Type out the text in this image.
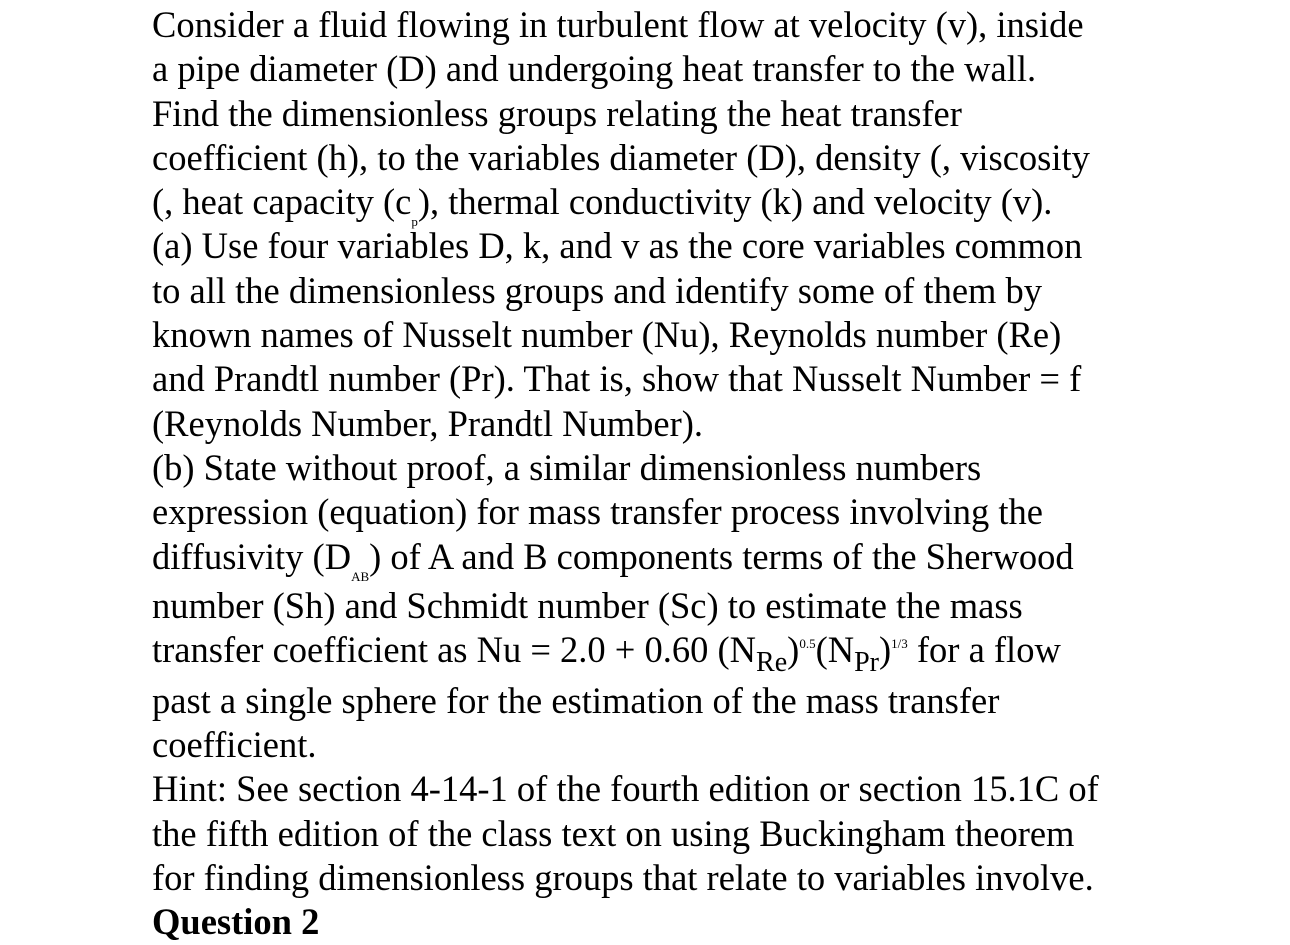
Consider a fluid flowing in turbulent flow at velocity (v), inside
a pipe diameter (D) and undergoing heat transfer to the wall.
Find the dimensionless groups relating the heat transfer
coefficient (h), to the variables diameter (D), density (, viscosity
(, heat capacity $(c_p)$, thermal conductivity (k) and velocity (v).
(a) Use four variables D, k, and v as the core variables common
to all the dimensionless groups and identify some of them by
known names of Nusselt number (Nu), Reynolds number (Re)
and Prandtl number (Pr). That is, show that Nusselt Number = f
(Reynolds Number, Prandtl Number).
(b) State without proof, a similar dimensionless numbers
expression (equation) for mass transfer process involving the
diffusivity $(D_{AB})$ of A and B components terms of the Sherwood
number (Sh) and Schmidt number (Sc) to estimate the mass
transfer coefficient as Nu = 2.0 + 0.60 $(N_{Re})^{0.5}(N_{Pr})^{1/3}$ for a flow
past a single sphere for the estimation of the mass transfer
coefficient.
Hint: See section 4-14-1 of the fourth edition or section 15.1C of
the fifth edition of the class text on using Buckingham theorem
for finding dimensionless groups that relate to variables involve.
Question 2
